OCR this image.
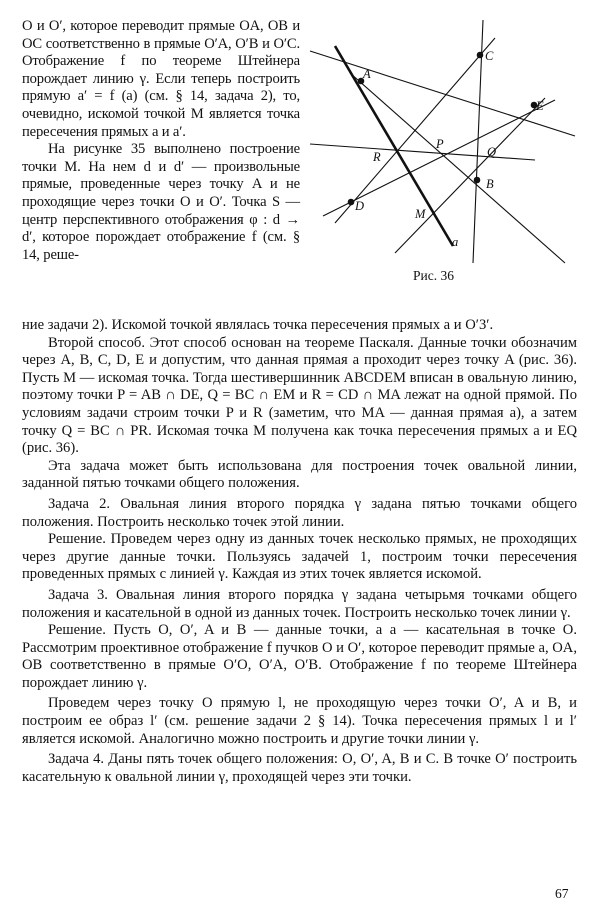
O и O′, которое переводит прямые OA, OB и OC соответственно в прямые O′A, O′B и O′C. Отображение f по теореме Штейнера порождает линию γ. Если теперь построить прямую a′ = f (a) (см. § 14, задача 2), то, очевидно, искомой точкой M является точка пересечения прямых a и a′.

На рисунке 35 выполнено построение точки M. На нем d и d′ — произвольные прямые, проведенные через точку A и не проходящие через точки O и O′. Точка S — центр перспективного отображения φ : d → d′, которое порождает отображение f (см. § 14, реше-

A
C
E
P
R	Q
B
D
M
a
Рис. 36

ние задачи 2). Искомой точкой являлась точка пересечения прямых a и O′3′.

Второй способ. Этот способ основан на теореме Паскаля. Данные точки обозначим через A, B, C, D, E и допустим, что данная прямая a проходит через точку A (рис. 36). Пусть M — искомая точка. Тогда шестивершинник ABCDEM вписан в овальную линию, поэтому точки P = AB ∩ DE, Q = BC ∩ EM и R = CD ∩ MA лежат на одной прямой. По условиям задачи строим точки P и R (заметим, что MA — данная прямая a), а затем точку Q = BC ∩ PR. Искомая точка M получена как точка пересечения прямых a и EQ (рис. 36).

Эта задача может быть использована для построения точек овальной линии, заданной пятью точками общего положения.

Задача 2. Овальная линия второго порядка γ задана пятью точками общего положения. Построить несколько точек этой линии.

Решение. Проведем через одну из данных точек несколько прямых, не проходящих через другие данные точки. Пользуясь задачей 1, построим точки пересечения проведенных прямых с линией γ. Каждая из этих точек является искомой.

Задача 3. Овальная линия второго порядка γ задана четырьмя точками общего положения и касательной в одной из данных точек. Построить несколько точек линии γ.

Решение. Пусть O, O′, A и B — данные точки, а a — касательная в точке O. Рассмотрим проективное отображение f пучков O и O′, которое переводит прямые a, OA, OB соответственно в прямые O′O, O′A, O′B. Отображение f по теореме Штейнера порождает линию γ.

Проведем через точку O прямую l, не проходящую через точки O′, A и B, и построим ее образ l′ (см. решение задачи 2 § 14). Точка пересечения прямых l и l′ является искомой. Аналогично можно построить и другие точки линии γ.

Задача 4. Даны пять точек общего положения: O, O′, A, B и C. В точке O′ построить касательную к овальной линии γ, проходящей через эти точки.

67
